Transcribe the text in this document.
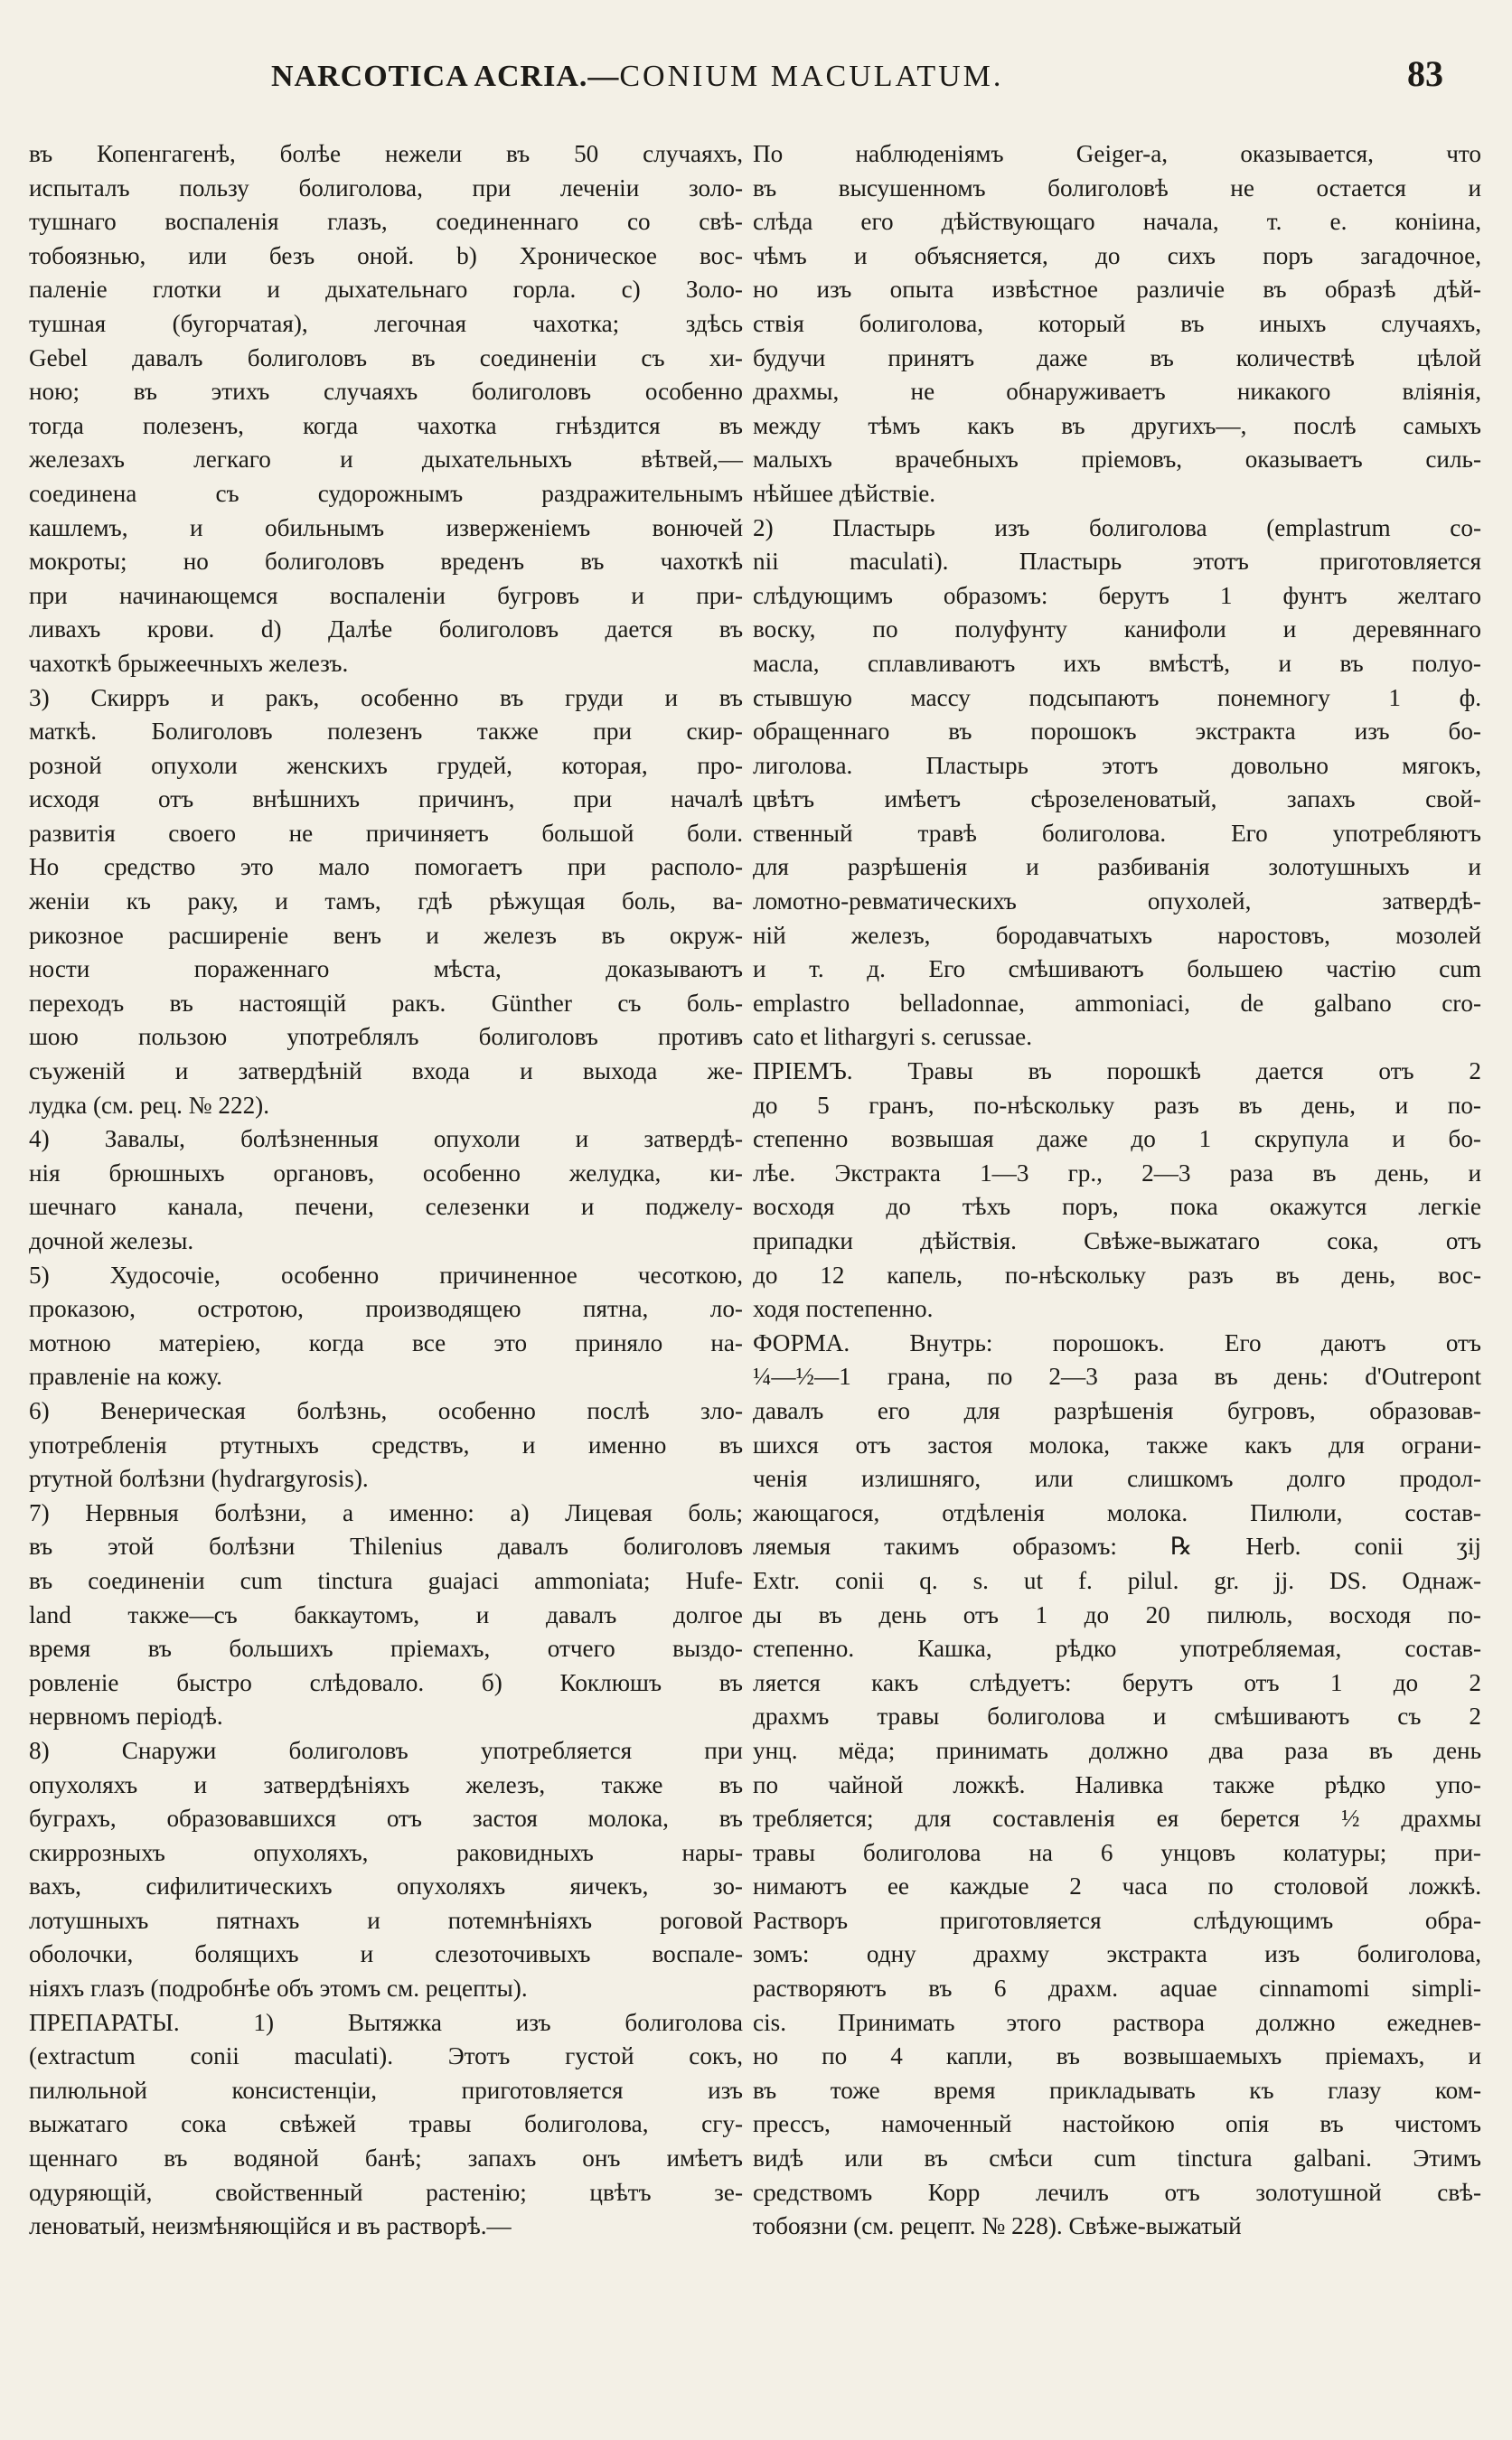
NARCOTICA ACRIA.—CONIUM MACULATUM.	83
въ Копенгагенѣ, болѣе нежели въ 50 случаяхъ,
испыталъ пользу болиголова, при леченіи золо-
тушнаго воспаленія глазъ, соединеннаго со свѣ-
тобоязнью, или безъ оной. b) Хроническое вос-
паленіе глотки и дыхательнаго горла. c) Золо-
тушная (бугорчатая), легочная чахотка; здѣсь
Gebel давалъ болиголовъ въ соединеніи съ хи-
ною; въ этихъ случаяхъ болиголовъ особенно
тогда полезенъ, когда чахотка гнѣздится въ
железахъ легкаго и дыхательныхъ вѣтвей,—
соединена съ судорожнымъ раздражительнымъ
кашлемъ, и обильнымъ изверженіемъ вонючей
мокроты; но болиголовъ вреденъ въ чахоткѣ
при начинающемся воспаленіи бугровъ и при-
ливахъ крови. d) Далѣе болиголовъ дается въ
чахоткѣ брыжеечныхъ железъ.
3) Скирръ и ракъ, особенно въ груди и въ
маткѣ. Болиголовъ полезенъ также при скир-
розной опухоли женскихъ грудей, которая, про-
исходя отъ внѣшнихъ причинъ, при началѣ
развитія своего не причиняетъ большой боли.
Но средство это мало помогаетъ при располо-
женіи къ раку, и тамъ, гдѣ рѣжущая боль, ва-
рикозное расширеніе венъ и железъ въ окруж-
ности пораженнаго мѣста, доказываютъ
переходъ въ настоящій ракъ. Günther съ боль-
шою пользою употреблялъ болиголовъ противъ
съуженій и затвердѣній входа и выхода же-
лудка (см. рец. № 222).
4) Завалы, болѣзненныя опухоли и затвердѣ-
нія брюшныхъ органовъ, особенно желудка, ки-
шечнаго канала, печени, селезенки и поджелу-
дочной железы.
5) Худосочіе, особенно причиненное чесоткою,
проказою, остротою, производящею пятна, ло-
мотною матеріею, когда все это принялo на-
правленіе на кожу.
6) Венерическая болѣзнь, особенно послѣ зло-
употребленія ртутныхъ средствъ, и именно въ
ртутной болѣзни (hydrargyrosis).
7) Нервныя болѣзни, а именно: а) Лицевая боль;
въ этой болѣзни Thilenius давалъ болиголовъ
въ соединеніи cum tinctura guajaci ammoniata; Hufe-
land также—съ баккаутомъ, и давалъ долгое
время въ большихъ пріемахъ, отчего выздо-
ровленіе быстро слѣдовало. б) Коклюшъ въ
нервномъ періодѣ.
8) Снаружи болиголовъ употребляется при
опухоляхъ и затвердѣніяхъ железъ, также въ
буграхъ, образовавшихся отъ застоя молока, въ
скиррозныхъ опухоляхъ, раковидныхъ нары-
вахъ, сифилитическихъ опухоляхъ яичекъ, зо-
лотушныхъ пятнахъ и потемнѣніяхъ роговой
оболочки, болящихъ и слезоточивыхъ воспале-
ніяхъ глазъ (подробнѣе объ этомъ см. рецепты).
ПРЕПАРАТЫ. 1) Вытяжка изъ болиголова
(extractum conii maculati). Этотъ густой сокъ,
пилюльной консистенціи, приготовляется изъ
выжатаго сока свѣжей травы болиголова, сгу-
щеннаго въ водяной банѣ; запахъ онъ имѣетъ
одуряющій, свойственный растенію; цвѣтъ зе-
леноватый, неизмѣняющійся и въ растворѣ.—
По наблюденіямъ Geiger-а, оказывается, что
въ высушенномъ болиголовѣ не остается и
слѣда его дѣйствующаго начала, т. е. коніина,
чѣмъ и объясняется, до сихъ поръ загадочное,
но изъ опыта извѣстное различіе въ образѣ дѣй-
ствія болиголова, который въ иныхъ случаяхъ,
будучи принятъ даже въ количествѣ цѣлой
драхмы, не обнаруживаетъ никакого вліянія,
между тѣмъ какъ въ другихъ—, послѣ самыхъ
малыхъ врачебныхъ пріемовъ, оказываетъ силь-
нѣйшее дѣйствіе.
2) Пластырь изъ болиголова (emplastrum co-
nii maculati). Пластырь этотъ приготовляется
слѣдующимъ образомъ: берутъ 1 фунтъ желтаго
воску, по полуфунту канифоли и деревяннаго
масла, сплавливаютъ ихъ вмѣстѣ, и въ полуо-
стывшую массу подсыпаютъ понемногу 1 ф.
обращеннаго въ порошокъ экстракта изъ бо-
лиголова. Пластырь этотъ довольно мягокъ,
цвѣтъ имѣетъ сѣрозеленоватый, запахъ свой-
ственный травѣ болиголова. Его употребляютъ
для разрѣшенія и разбиванія золотушныхъ и
ломотно-ревматическихъ опухолей, затвердѣ-
ній железъ, бородавчатыхъ наростовъ, мозолей
и т. д. Его смѣшиваютъ большею частію cum
emplastro belladonnae, ammoniaci, de galbano cro-
cato et lithargyri s. cerussae.
ПРІЕМЪ. Травы въ порошкѣ дается отъ 2
до 5 гранъ, по-нѣскольку разъ въ день, и по-
степенно возвышая даже до 1 скрупула и бо-
лѣе. Экстракта 1—3 гр., 2—3 раза въ день, и
восходя до тѣхъ поръ, пока окажутся легкіе
припадки дѣйствія. Свѣже-выжатаго сока, отъ
до 12 капель, по-нѣскольку разъ въ день, вос-
ходя постепенно.
ФОРМА. Внутрь: порошокъ. Его даютъ отъ
¼—½—1 грана, по 2—3 раза въ день: d'Outrepont
давалъ его для разрѣшенія бугровъ, образовав-
шихся отъ застоя молока, также какъ для ограни-
ченія излишняго, или слишкомъ долго продол-
жающагося, отдѣленія молока. Пилюли, состав-
ляемыя такимъ образомъ: ℞ Herb. conii ʒij
Extr. conii q. s. ut f. pilul. gr. jj. DS. Однаж-
ды въ день отъ 1 до 20 пилюль, восходя по-
степенно. Кашка, рѣдко употребляемая, состав-
ляется какъ слѣдуетъ: берутъ отъ 1 до 2
драхмъ травы болиголова и смѣшиваютъ съ 2
унц. мёда; принимать должно два раза въ день
по чайной ложкѣ. Наливка также рѣдко упо-
требляется; для составленія ея берется ½ драхмы
травы болиголова на 6 унцовъ колатуры; при-
нимаютъ ее каждые 2 часа по столовой ложкѣ.
Растворъ приготовляется слѣдующимъ обра-
зомъ: одну драхму экстракта изъ болиголова,
растворяютъ въ 6 драхм. aquae cinnamomi simpli-
cis. Принимать этого раствора должно ежеднев-
но по 4 капли, въ возвышаемыхъ пріемахъ, и
въ тоже время прикладывать къ глазу ком-
прессъ, намоченный настойкою опія въ чистомъ
видѣ или въ смѣси cum tinctura galbani. Этимъ
средствомъ Корр лечилъ отъ золотушной свѣ-
тобоязни (см. рецепт. № 228). Свѣже-выжатый
